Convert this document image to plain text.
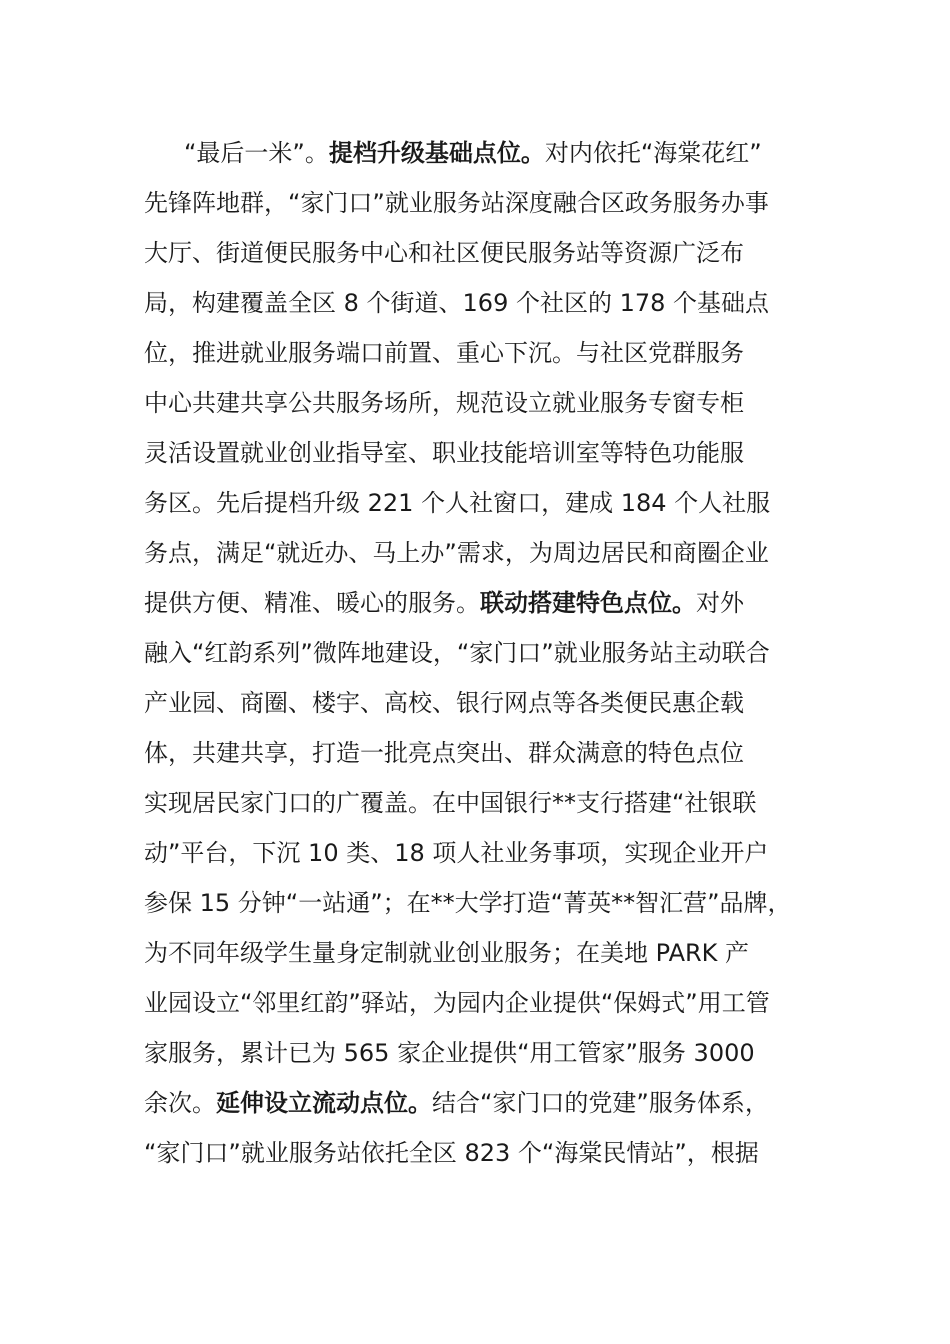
“最后一米”。提档升级基础点位。对内依托“海棠花红”
先锋阵地群，“家门口”就业服务站深度融合区政务服务办事
大厅、街道便民服务中心和社区便民服务站等资源广泛布
局，构建覆盖全区 8 个街道、169 个社区的 178 个基础点
位，推进就业服务端口前置、重心下沉。与社区党群服务
中心共建共享公共服务场所，规范设立就业服务专窗专柜
灵活设置就业创业指导室、职业技能培训室等特色功能服
务区。先后提档升级 221 个人社窗口，建成 184 个人社服
务点，满足“就近办、马上办”需求，为周边居民和商圈企业
提供方便、精准、暖心的服务。联动搭建特色点位。对外
融入“红韵系列”微阵地建设，“家门口”就业服务站主动联合
产业园、商圈、楼宇、高校、银行网点等各类便民惠企载
体，共建共享，打造一批亮点突出、群众满意的特色点位
实现居民家门口的广覆盖。在中国银行**支行搭建“社银联
动”平台，下沉 10 类、18 项人社业务事项，实现企业开户
参保 15 分钟“一站通”；在**大学打造“菁英**智汇营”品牌，
为不同年级学生量身定制就业创业服务；在美地 PARK 产
业园设立“邻里红韵”驿站，为园内企业提供“保姆式”用工管
家服务，累计已为 565 家企业提供“用工管家”服务 3000
余次。延伸设立流动点位。结合“家门口的党建”服务体系，
“家门口”就业服务站依托全区 823 个“海棠民情站”，根据
